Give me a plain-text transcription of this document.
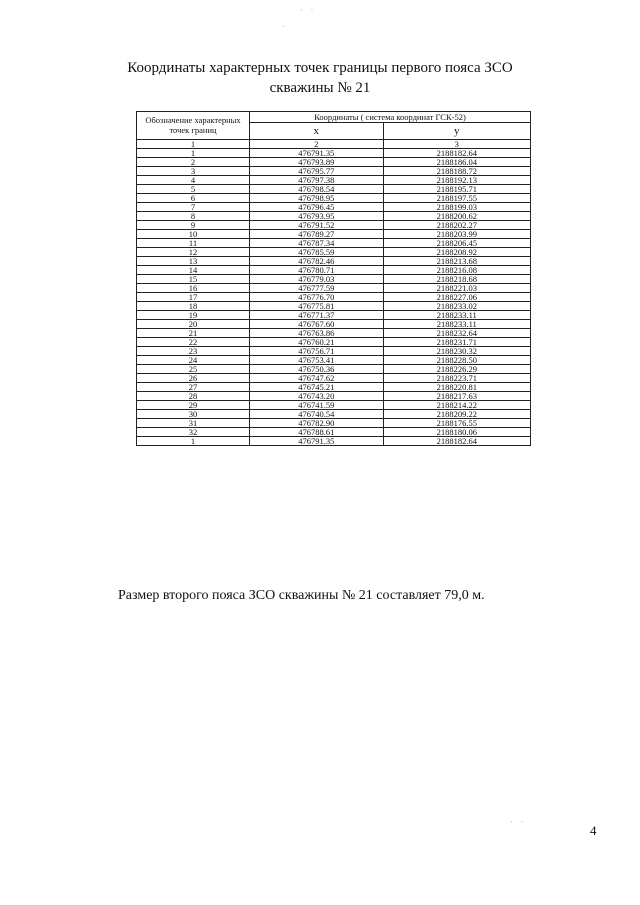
· ·
·
Координаты характерных точек границы первого пояса ЗСО
скважины № 21
Обозначение характерных точек границ	Координаты ( система координат ГСК-52)	
	x	y
1	2	3
1	476791.35	2188182.64
2	476793.89	2188186.04
3	476795.77	2188188.72
4	476797.38	2188192.13
5	476798.54	2188195.71
6	476798.95	2188197.55
7	476796.45	2188199.03
8	476793.95	2188200.62
9	476791.52	2188202.27
10	476789.27	2188203.99
11	476787.34	2188206.45
12	476785.59	2188208.92
13	476782.46	2188213.68
14	476780.71	2188216.08
15	476779.03	2188218.68
16	476777.59	2188221.03
17	476776.70	2188227.06
18	476775.81	2188233.02
19	476771.37	2188233.11
20	476767.60	2188233.11
21	476763.86	2188232.64
22	476760.21	2188231.71
23	476756.71	2188230.32
24	476753.41	2188228.50
25	476750.36	2188226.29
26	476747.62	2188223.71
27	476745.21	2188220.81
28	476743.20	2188217.63
29	476741.59	2188214.22
30	476740.54	2188209.22
31	476782.90	2188176.55
32	476788.61	2188180.06
1	476791.35	2188182.64
Размер второго пояса ЗСО скважины № 21 составляет 79,0 м.
· ·
4
